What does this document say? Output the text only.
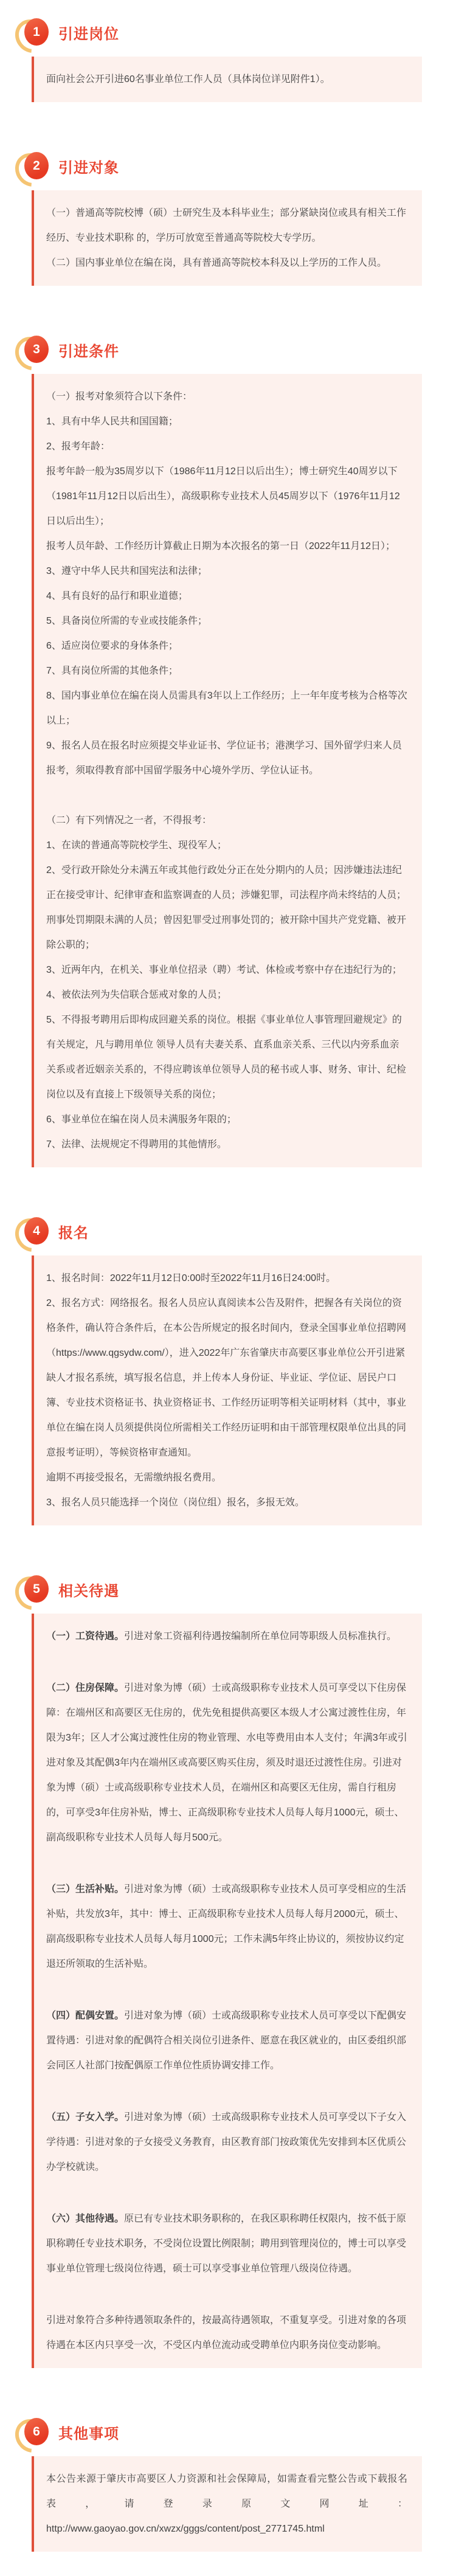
1	引进岗位

面向社会公开引进60名事业单位工作人员（具体岗位详见附件1）。

2	引进对象

（一）普通高等院校博（硕）士研究生及本科毕业生；部分紧缺岗位或具有相关工作经历、专业技术职称 的，学历可放宽至普通高等院校大专学历。

（二）国内事业单位在编在岗，具有普通高等院校本科及以上学历的工作人员。

3	引进条件

（一）报考对象须符合以下条件：

1、具有中华人民共和国国籍；

2、报考年龄：

报考年龄一般为35周岁以下（1986年11月12日以后出生）；博士研究生40周岁以下（1981年11月12日以后出生），高级职称专业技术人员45周岁以下（1976年11月12日以后出生）；

报考人员年龄、工作经历计算截止日期为本次报名的第一日（2022年11月12日）；

3、遵守中华人民共和国宪法和法律；

4、具有良好的品行和职业道德；

5、具备岗位所需的专业或技能条件；

6、适应岗位要求的身体条件；

7、具有岗位所需的其他条件；

8、国内事业单位在编在岗人员需具有3年以上工作经历；上一年年度考核为合格等次以上；

9、报名人员在报名时应须提交毕业证书、学位证书；港澳学习、国外留学归来人员报考，须取得教育部中国留学服务中心境外学历、学位认证书。

（二）有下列情况之一者，不得报考：

1、在读的普通高等院校学生、现役军人；

2、受行政开除处分未满五年或其他行政处分正在处分期内的人员；因涉嫌违法违纪正在接受审计、纪律审查和监察调查的人员；涉嫌犯罪，司法程序尚未终结的人员；刑事处罚期限未满的人员；曾因犯罪受过刑事处罚的；被开除中国共产党党籍、被开除公职的；

3、近两年内，在机关、事业单位招录（聘）考试、体检或考察中存在违纪行为的；

4、被依法列为失信联合惩戒对象的人员；

5、不得报考聘用后即构成回避关系的岗位。根据《事业单位人事管理回避规定》的有关规定，凡与聘用单位 领导人员有夫妻关系、直系血亲关系、三代以内旁系血亲关系或者近姻亲关系的，不得应聘该单位领导人员的秘书或人事、财务、审计、纪检岗位以及有直接上下级领导关系的岗位；

6、事业单位在编在岗人员未满服务年限的；

7、法律、法规规定不得聘用的其他情形。

4	报名

1、报名时间：2022年11月12日0:00时至2022年11月16日24:00时。

2、报名方式：网络报名。报名人员应认真阅读本公告及附件，把握各有关岗位的资格条件，确认符合条件后，在本公告所规定的报名时间内，登录全国事业单位招聘网（https://www.qgsydw.com/），进入2022年广东省肇庆市高要区事业单位公开引进紧缺人才报名系统，填写报名信息，并上传本人身份证、毕业证、学位证、居民户口簿、专业技术资格证书、执业资格证书、工作经历证明等相关证明材料（其中，事业单位在编在岗人员须提供岗位所需相关工作经历证明和由干部管理权限单位出具的同意报考证明），等候资格审查通知。

逾期不再接受报名，无需缴纳报名费用。

3、报名人员只能选择一个岗位（岗位组）报名，多报无效。

5	相关待遇

（一）工资待遇。引进对象工资福利待遇按编制所在单位同等职级人员标准执行。

（二）住房保障。引进对象为博（硕）士或高级职称专业技术人员可享受以下住房保障：在端州区和高要区无住房的，优先免租提供高要区本级人才公寓过渡性住房，年限为3年；区人才公寓过渡性住房的物业管理、水电等费用由本人支付；年满3年或引进对象及其配偶3年内在端州区或高要区购买住房，须及时退还过渡性住房。引进对象为博（硕）士或高级职称专业技术人员，在端州区和高要区无住房，需自行租房的，可享受3年住房补贴，博士、正高级职称专业技术人员每人每月1000元，硕士、副高级职称专业技术人员每人每月500元。

（三）生活补贴。引进对象为博（硕）士或高级职称专业技术人员可享受相应的生活补贴，共发放3年，其中：博士、正高级职称专业技术人员每人每月2000元，硕士、副高级职称专业技术人员每人每月1000元；工作未满5年终止协议的，须按协议约定退还所领取的生活补贴。

（四）配偶安置。引进对象为博（硕）士或高级职称专业技术人员可享受以下配偶安置待遇：引进对象的配偶符合相关岗位引进条件、愿意在我区就业的，由区委组织部会同区人社部门按配偶原工作单位性质协调安排工作。

（五）子女入学。引进对象为博（硕）士或高级职称专业技术人员可享受以下子女入学待遇：引进对象的子女接受义务教育，由区教育部门按政策优先安排到本区优质公办学校就读。

（六）其他待遇。原已有专业技术职务职称的，在我区职称聘任权限内，按不低于原职称聘任专业技术职务，不受岗位设置比例限制；聘用到管理岗位的，博士可以享受事业单位管理七级岗位待遇，硕士可以享受事业单位管理八级岗位待遇。

引进对象符合多种待遇领取条件的，按最高待遇领取，不重复享受。引进对象的各项待遇在本区内只享受一次，不受区内单位流动或受聘单位内职务岗位变动影响。

6	其他事项

本公告来源于肇庆市高要区人力资源和社会保障局，如需查看完整公告或下载报名表，请登录原文网址：http://www.gaoyao.gov.cn/xwzx/gggs/content/post_2771745.html
